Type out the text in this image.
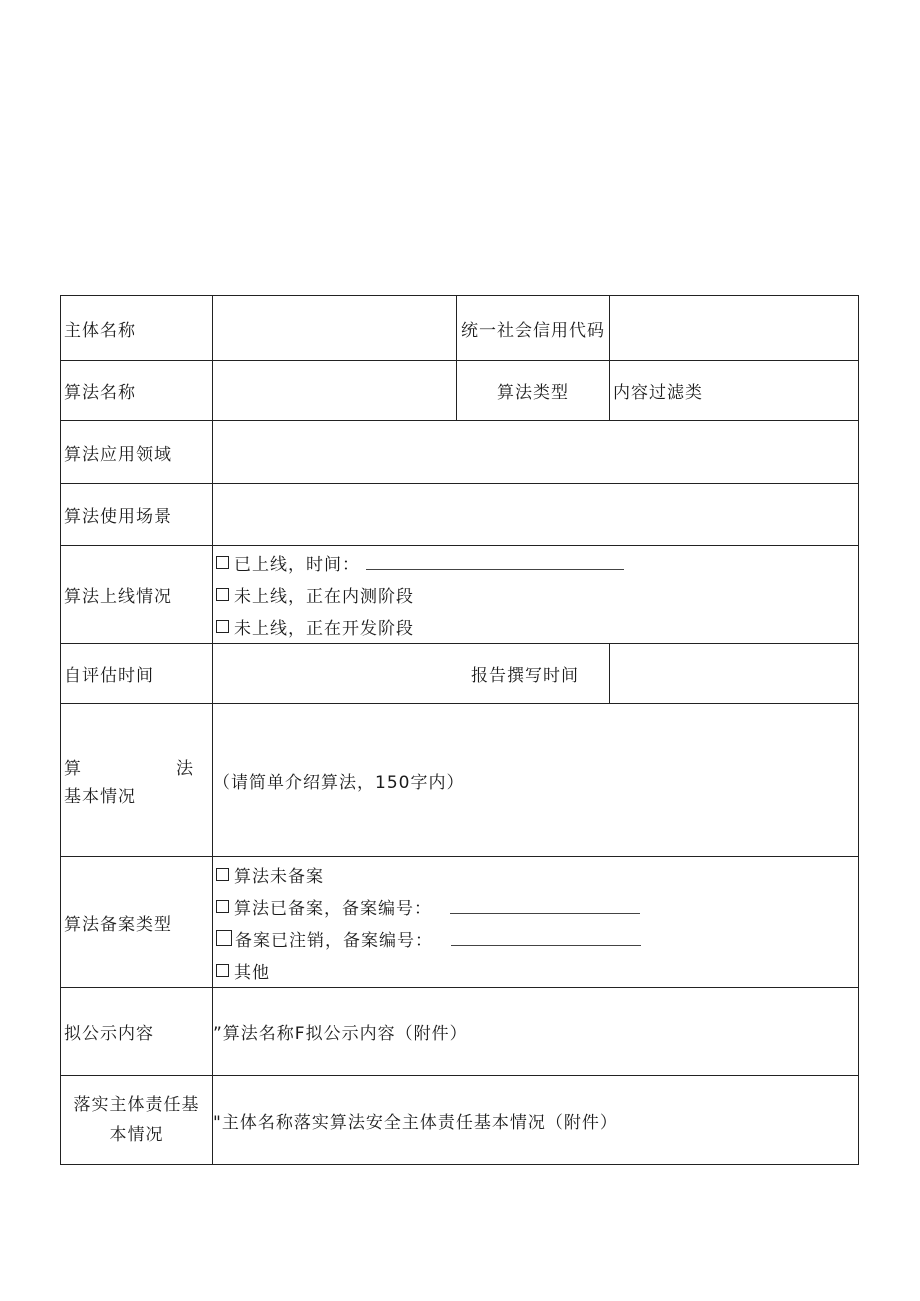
主体名称		统一社会信用代码	
算法名称		算法类型	内容过滤类
算法应用领域			
算法使用场景			
算法上线情况	已上线，时间：
未上线，正在内测阶段
未上线，正在开发阶段		

自评估时间	报告撰写时间		

算 法
基本情况	（请简单介绍算法，150字内）		
算法备案类型	算法未备案
算法已备案，备案编号：
备案已注销，备案编号：
其他		

拟公示内容	”算法名称F拟公示内容（附件）		
落实主体责任基本情况	"主体名称落实算法安全主体责任基本情况（附件）		
